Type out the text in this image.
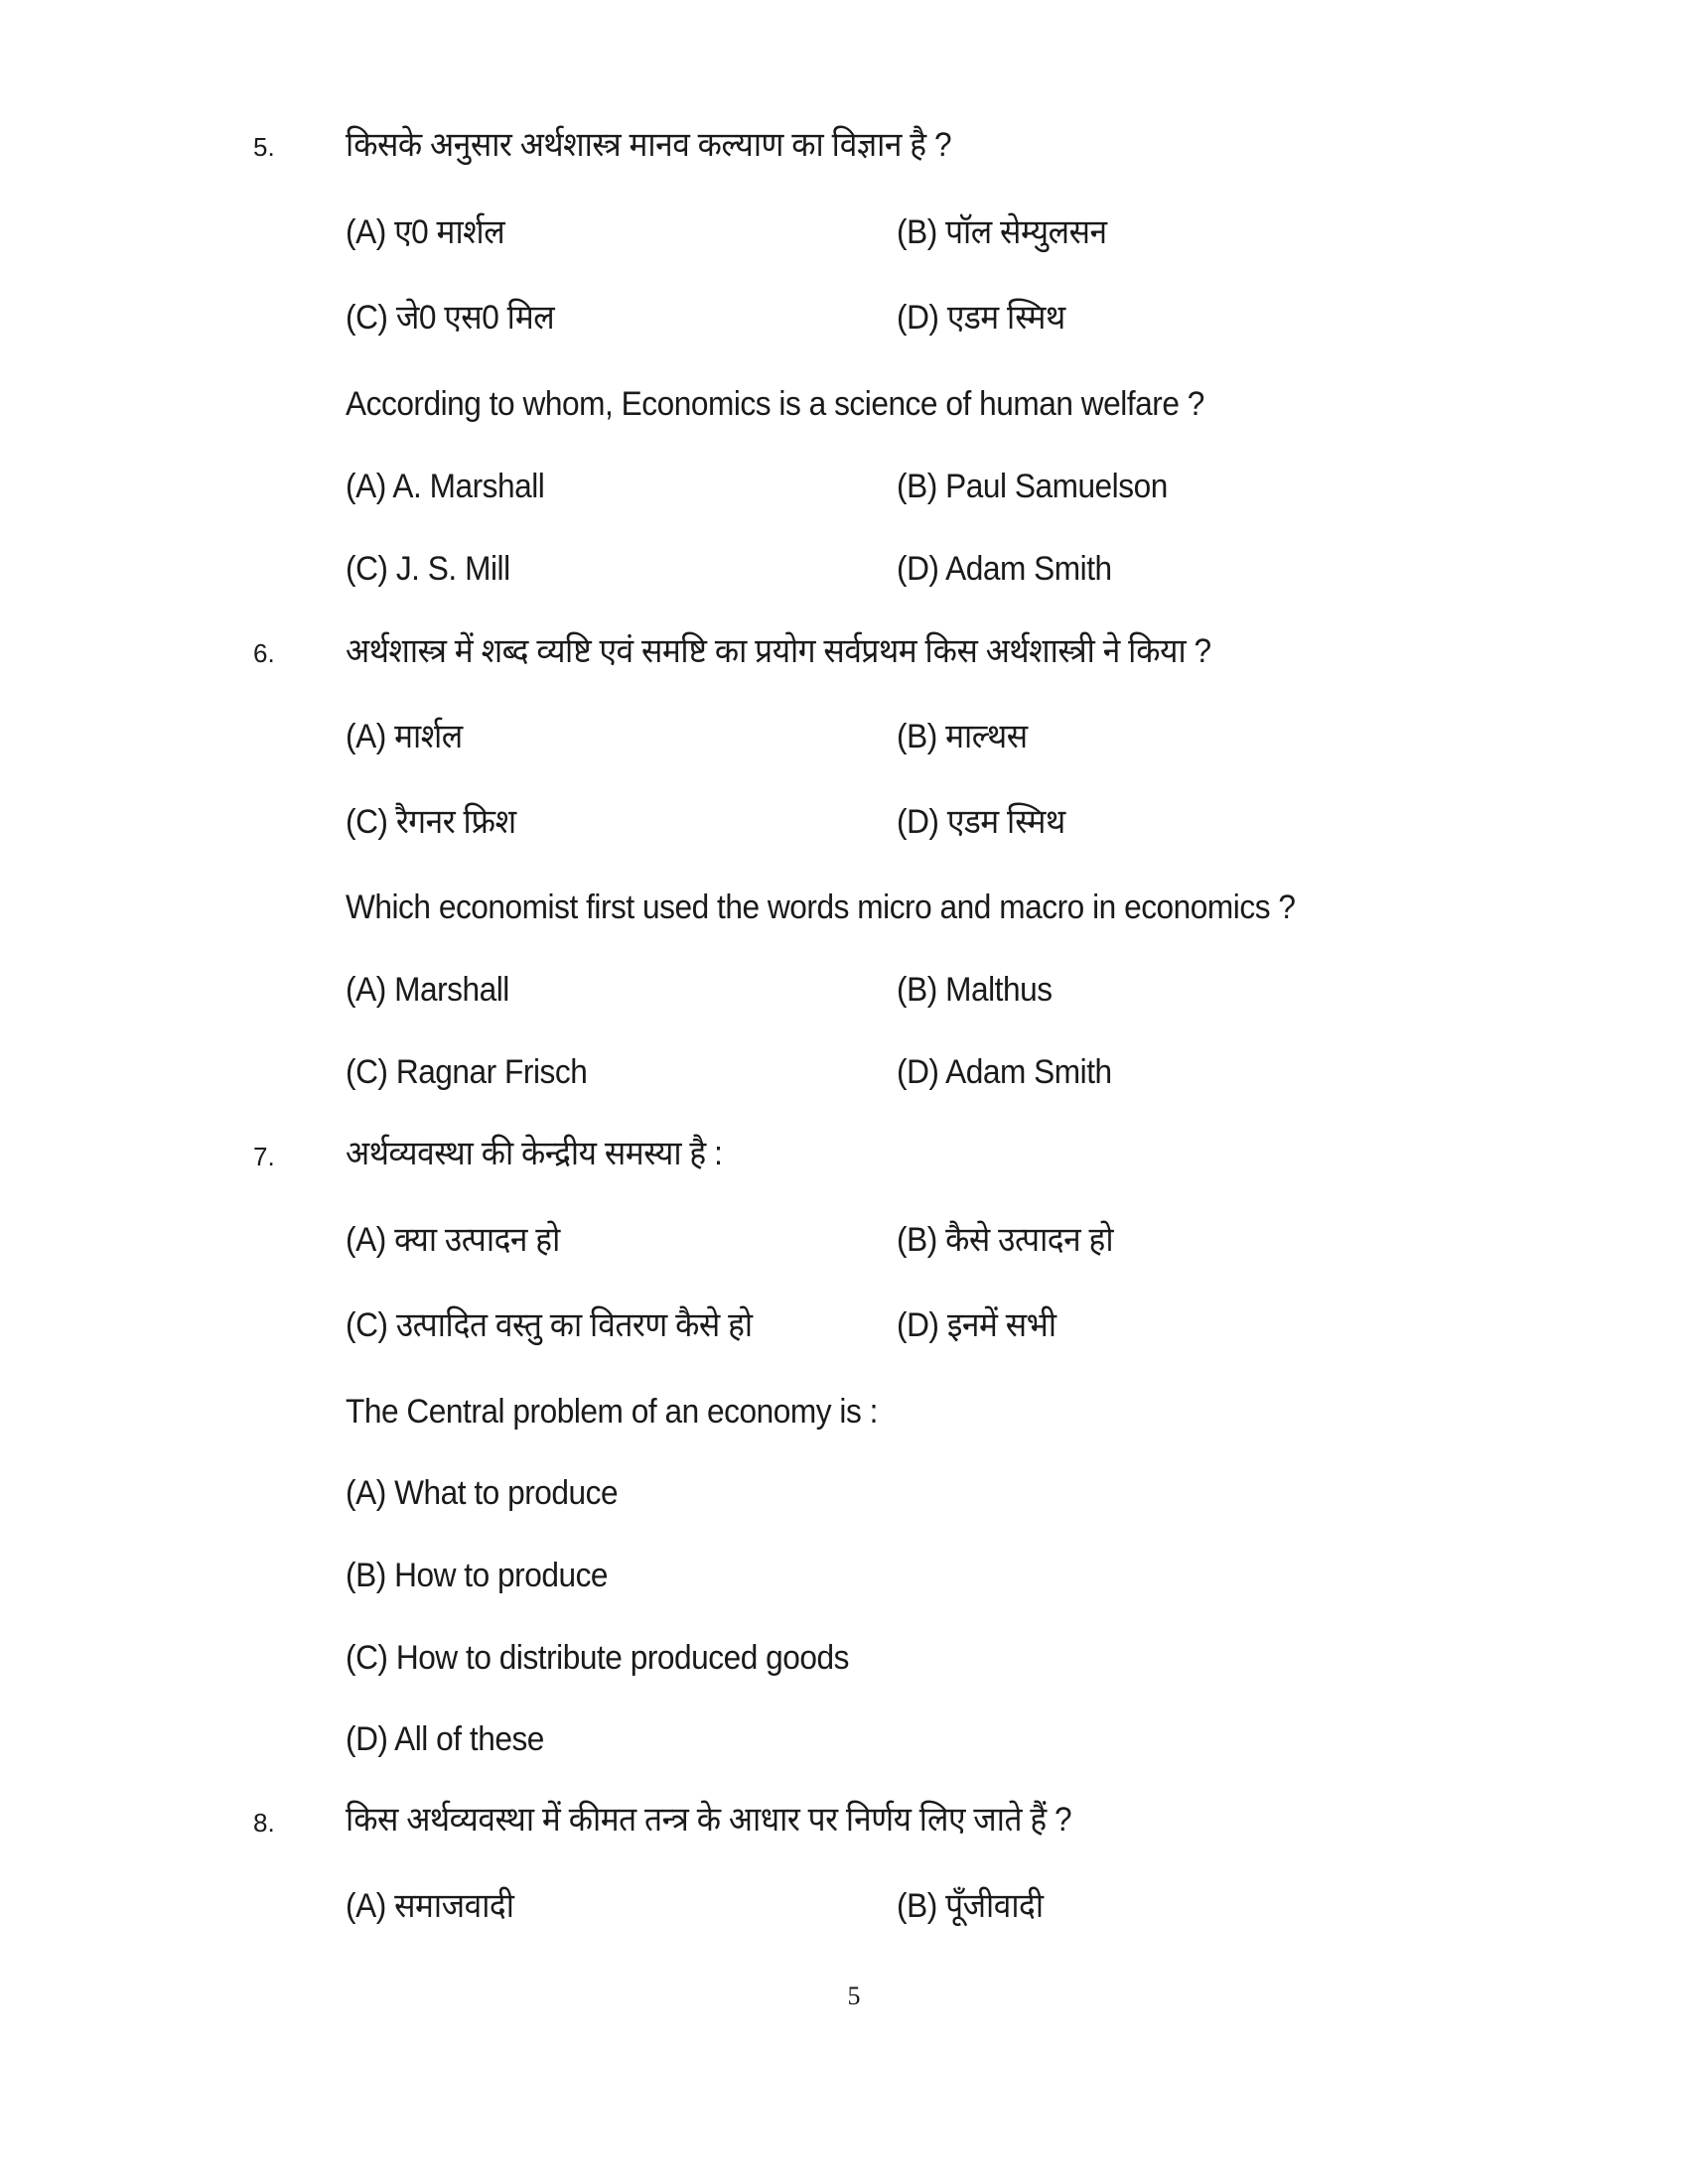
5. किसके अनुसार अर्थशास्त्र मानव कल्याण का विज्ञान है ?
(A) ए0 मार्शल	(B) पॉल सेम्युलसन
(C) जे0 एस0 मिल	(D) एडम स्मिथ
According to whom, Economics is a science of human welfare ?
(A) A. Marshall	(B) Paul Samuelson
(C) J. S. Mill	(D) Adam Smith
6. अर्थशास्त्र में शब्द व्यष्टि एवं समष्टि का प्रयोग सर्वप्रथम किस अर्थशास्त्री ने किया ?
(A) मार्शल	(B) माल्थस
(C) रैगनर फ्रिश	(D) एडम स्मिथ
Which economist first used the words micro and macro in economics ?
(A) Marshall	(B) Malthus
(C) Ragnar Frisch	(D) Adam Smith
7. अर्थव्यवस्था की केन्द्रीय समस्या है :
(A) क्या उत्पादन हो	(B) कैसे उत्पादन हो
(C) उत्पादित वस्तु का वितरण कैसे हो	(D) इनमें सभी
The Central problem of an economy is :
(A) What to produce
(B) How to produce
(C) How to distribute produced goods
(D) All of these
8. किस अर्थव्यवस्था में कीमत तन्त्र के आधार पर निर्णय लिए जाते हैं ?
(A) समाजवादी	(B) पूँजीवादी
5
